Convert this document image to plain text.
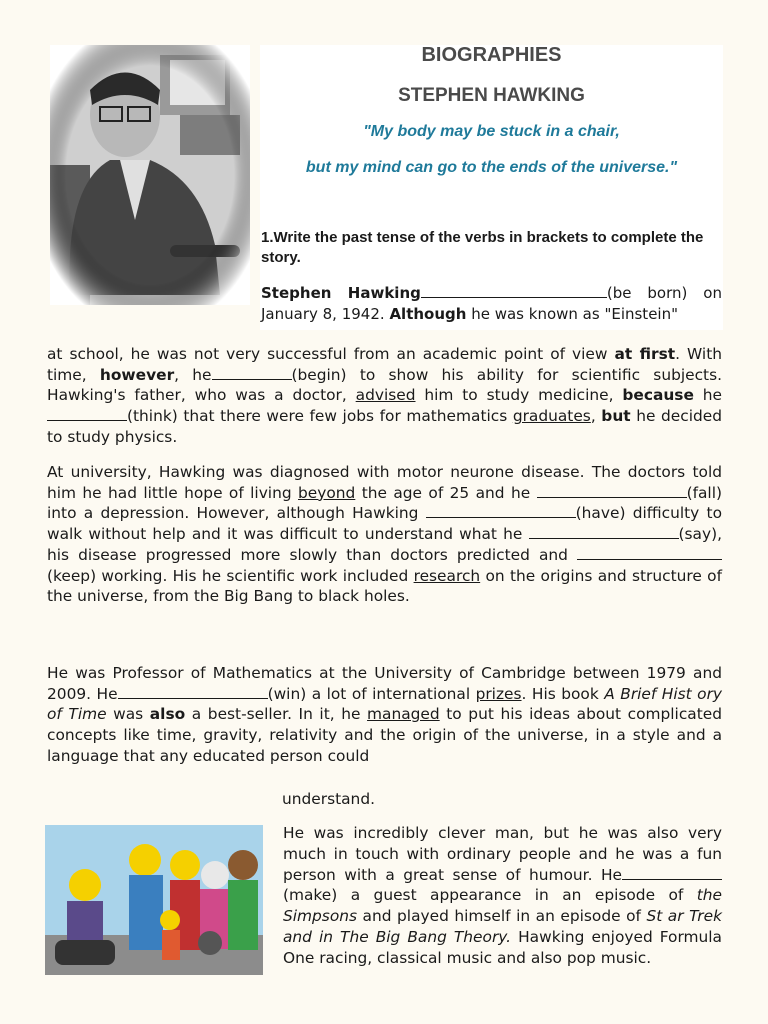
BIOGRAPHIES
STEPHEN HAWKING

"My body may be stuck in a chair,

but my mind can go to the ends of the universe."

1.Write the past tense of the verbs in brackets to complete the story.

Stephen Hawking	(be born) on January 8, 1942. Although he was known as "Einstein"

at school, he was not very successful from an academic point of view at first. With time, however, he	(begin) to show his ability for scientific subjects. Hawking's father, who was a doctor, advised him to study medicine, because he(think) that there were few jobs for mathematics graduates, but he decided to study physics.

At university, Hawking was diagnosed with motor neurone disease. The doctors told him he had little hope of living beyond the age of 25 and he	(fall) into a depression. However, although Hawking	(have) difficulty to walk without help and it was difficult to understand what he	(say), his disease progressed more slowly than doctors predicted and (keep) working. His he scientific work included research on the origins and structure of the universe, from the Big Bang to black holes.

He was Professor of Mathematics at the University of Cambridge between 1979 and 2009. He	(win) a lot of international prizes. His book A Brief Hist ory of Time was also a best-seller. In it, he managed to put his ideas about complicated concepts like time, gravity, relativity and the origin of the universe, in a style and a language that any educated person could

understand.

He was incredibly clever man, but he was also very much in touch with ordinary people and he was a fun person with a great sense of humour. He(make) a guest appearance in an episode of the Simpsons and played himself in an episode of St ar Trek and in The Big Bang Theory. Hawking enjoyed Formula One racing, classical music and also pop music.
